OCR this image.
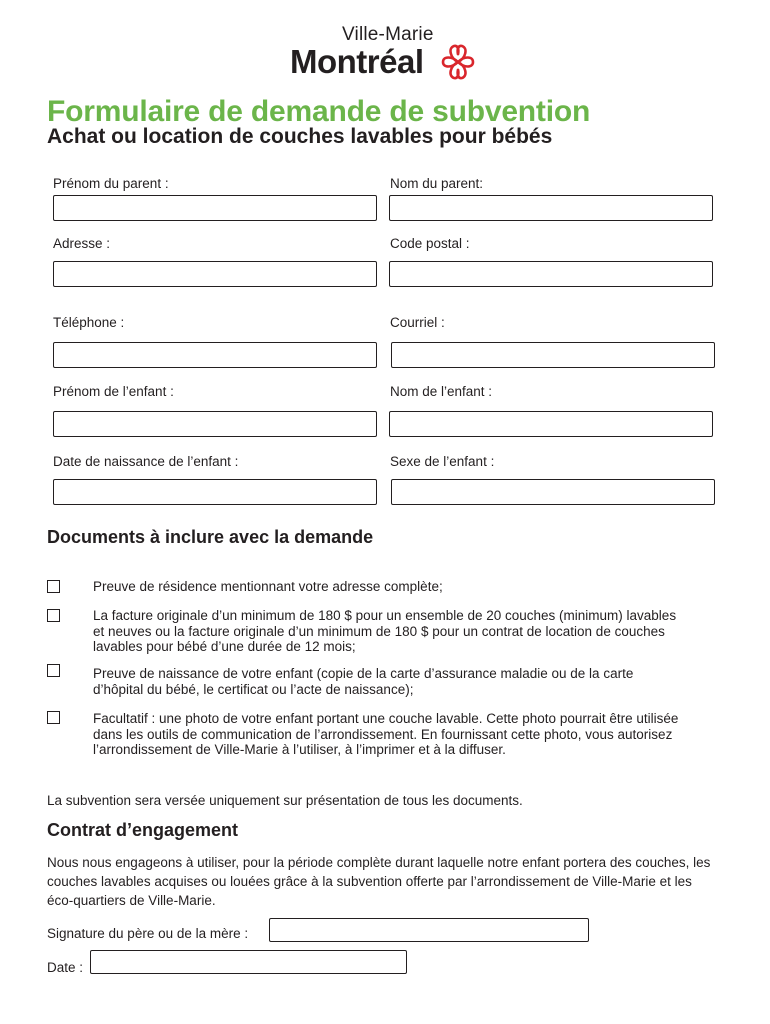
Ville-Marie
Montréal
Formulaire de demande de subvention
Achat ou location de couches lavables pour bébés
Prénom du parent :	Nom du parent:
Adresse :	Code postal :
Téléphone :	Courriel :
Prénom de l’enfant :	Nom de l’enfant :
Date de naissance de l’enfant :	Sexe de l’enfant :
Documents à inclure avec la demande
Preuve de résidence mentionnant votre adresse complète;
La facture originale d’un minimum de 180 $ pour un ensemble de 20 couches (minimum) lavables et neuves ou la facture originale d’un minimum de 180 $ pour un contrat de location de couches lavables pour bébé d’une durée de 12 mois;
Preuve de naissance de votre enfant (copie de la carte d’assurance maladie ou de la carte d’hôpital du bébé, le certificat ou l’acte de naissance);
Facultatif : une photo de votre enfant portant une couche lavable. Cette photo pourrait être utilisée dans les outils de communication de l’arrondissement. En fournissant cette photo, vous autorisez l’arrondissement de Ville-Marie à l’utiliser, à l’imprimer et à la diffuser.
La subvention sera versée uniquement sur présentation de tous les documents.
Contrat d’engagement
Nous nous engageons à utiliser, pour la période complète durant laquelle notre enfant portera des couches, les couches lavables acquises ou louées grâce à la subvention offerte par l’arrondissement de Ville-Marie et les éco-quartiers de Ville-Marie.
Signature du père ou de la mère :
Date :
